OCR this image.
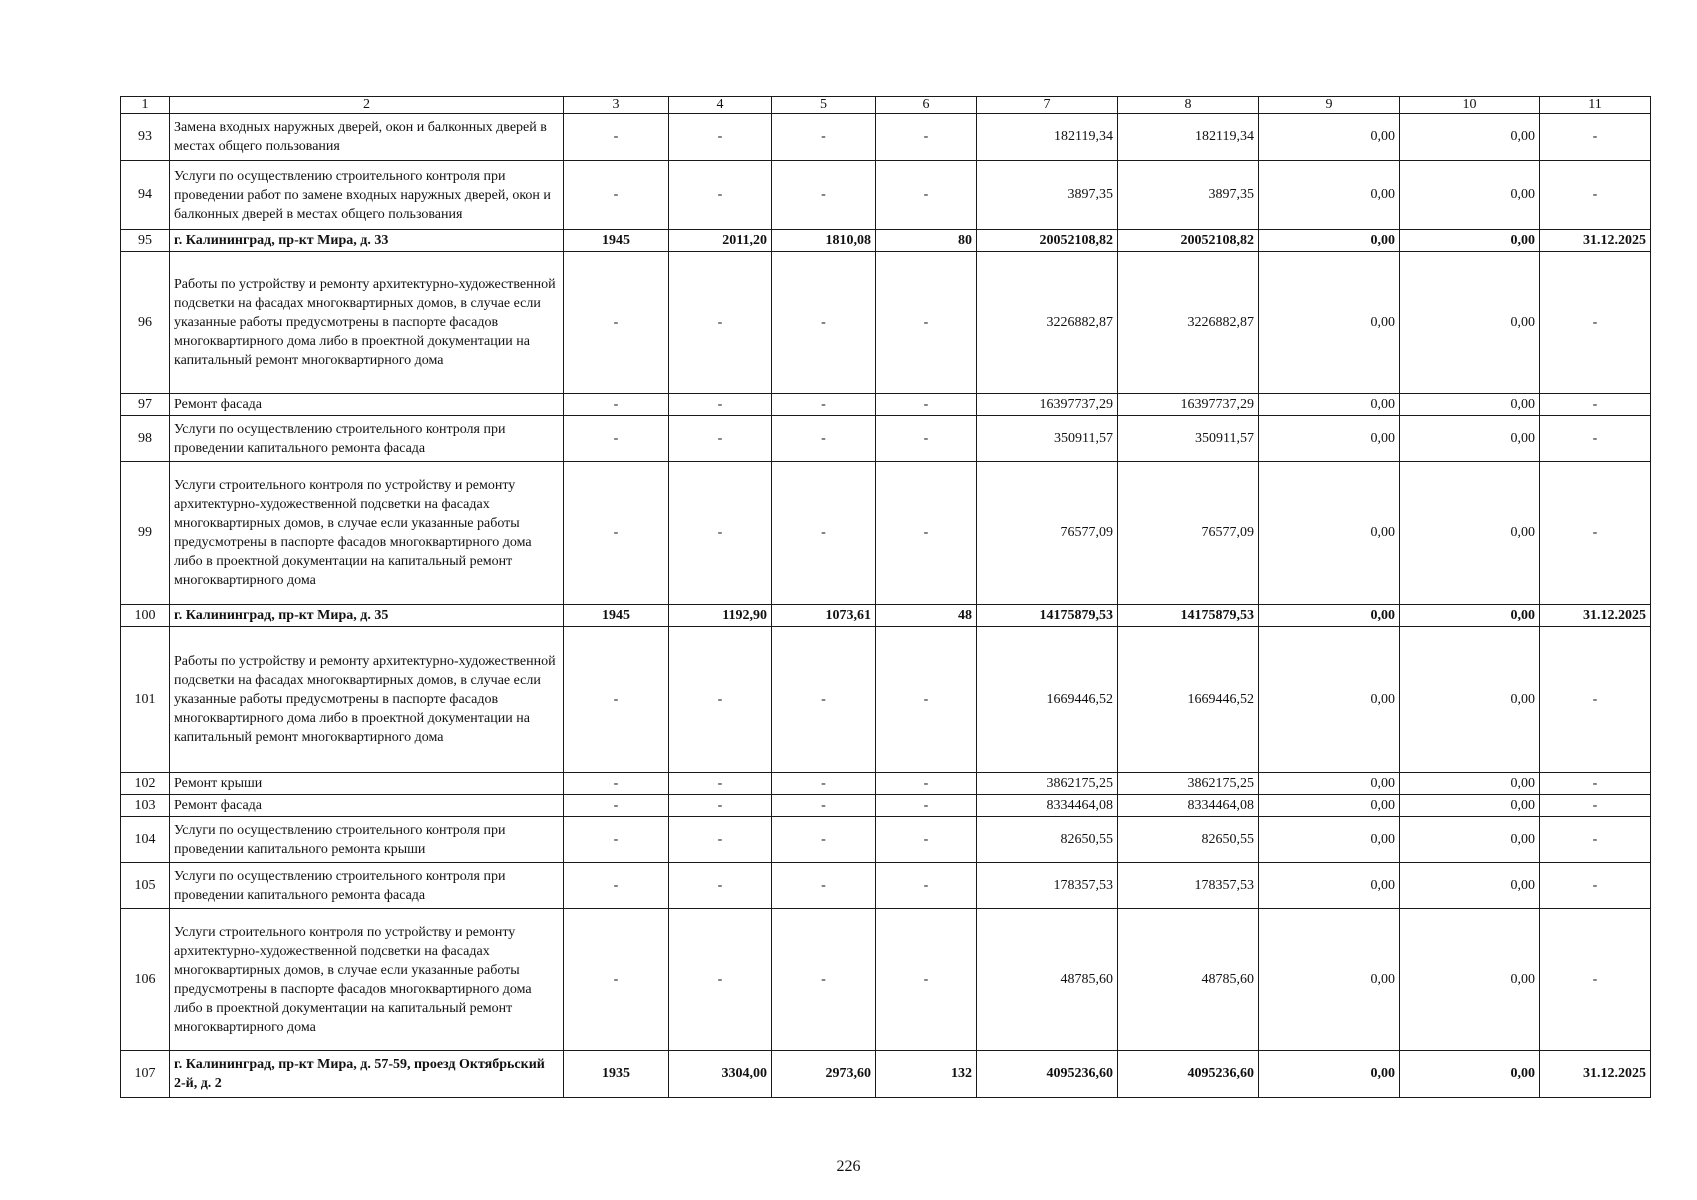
1	2	3	4	5	6	7	8	9	10	11
93	Замена входных наружных дверей, окон и балконных дверей в местах общего пользования	-	-	-	-	182119,34	182119,34	0,00	0,00	-
94	Услуги по осуществлению строительного контроля при проведении работ по замене входных наружных дверей, окон и балконных дверей в местах общего пользования	-	-	-	-	3897,35	3897,35	0,00	0,00	-
95	г. Калининград, пр-кт Мира, д. 33	1945	2011,20	1810,08	80	20052108,82	20052108,82	0,00	0,00	31.12.2025
96	Работы по устройству и ремонту архитектурно-художественной подсветки на фасадах многоквартирных домов, в случае если указанные работы предусмотрены в паспорте фасадов многоквартирного дома либо в проектной документации на капитальный ремонт многоквартирного дома	-	-	-	-	3226882,87	3226882,87	0,00	0,00	-
97	Ремонт фасада	-	-	-	-	16397737,29	16397737,29	0,00	0,00	-
98	Услуги по осуществлению строительного контроля при проведении капитального ремонта фасада	-	-	-	-	350911,57	350911,57	0,00	0,00	-
99	Услуги строительного контроля по устройству и ремонту архитектурно-художественной подсветки на фасадах многоквартирных домов, в случае если указанные работы предусмотрены в паспорте фасадов многоквартирного дома либо в проектной документации на капитальный ремонт многоквартирного дома	-	-	-	-	76577,09	76577,09	0,00	0,00	-
100	г. Калининград, пр-кт Мира, д. 35	1945	1192,90	1073,61	48	14175879,53	14175879,53	0,00	0,00	31.12.2025
101	Работы по устройству и ремонту архитектурно-художественной подсветки на фасадах многоквартирных домов, в случае если указанные работы предусмотрены в паспорте фасадов многоквартирного дома либо в проектной документации на капитальный ремонт многоквартирного дома	-	-	-	-	1669446,52	1669446,52	0,00	0,00	-
102	Ремонт крыши	-	-	-	-	3862175,25	3862175,25	0,00	0,00	-
103	Ремонт фасада	-	-	-	-	8334464,08	8334464,08	0,00	0,00	-
104	Услуги по осуществлению строительного контроля при проведении капитального ремонта крыши	-	-	-	-	82650,55	82650,55	0,00	0,00	-
105	Услуги по осуществлению строительного контроля при проведении капитального ремонта фасада	-	-	-	-	178357,53	178357,53	0,00	0,00	-
106	Услуги строительного контроля по устройству и ремонту архитектурно-художественной подсветки на фасадах многоквартирных домов, в случае если указанные работы предусмотрены в паспорте фасадов многоквартирного дома либо в проектной документации на капитальный ремонт многоквартирного дома	-	-	-	-	48785,60	48785,60	0,00	0,00	-
107	г. Калининград, пр-кт Мира, д. 57-59, проезд Октябрьский 2-й, д. 2	1935	3304,00	2973,60	132	4095236,60	4095236,60	0,00	0,00	31.12.2025
226
